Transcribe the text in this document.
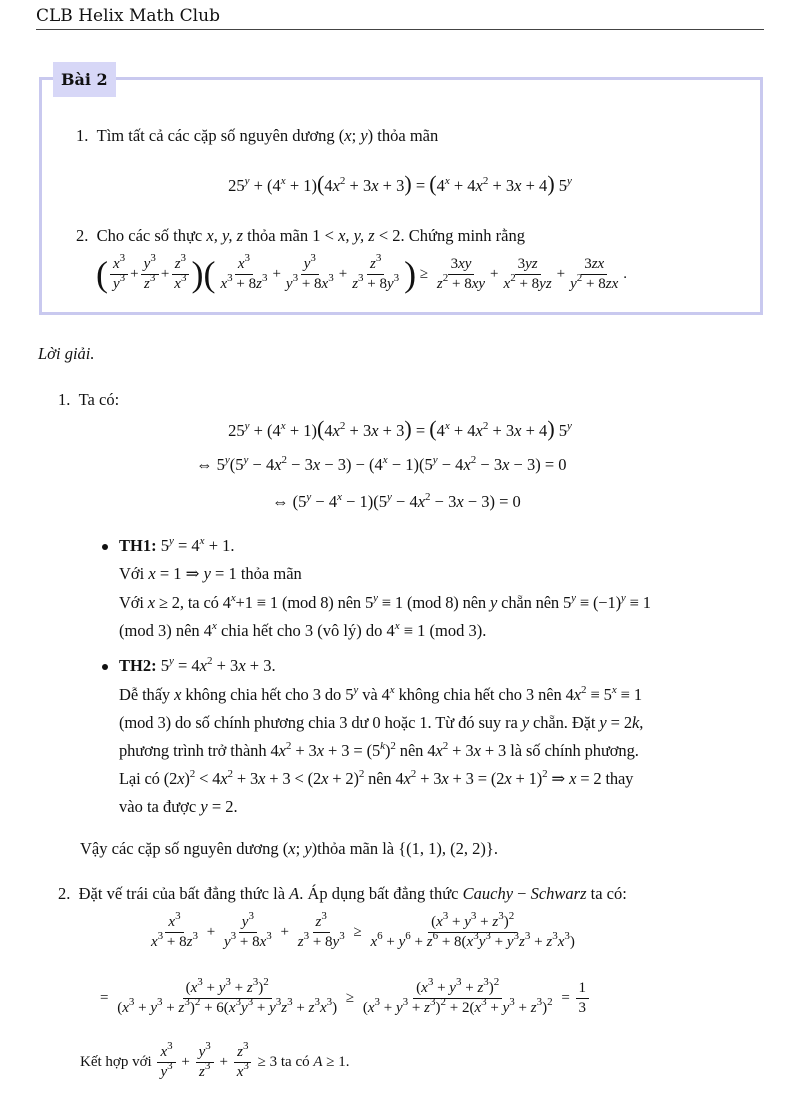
CLB Helix Math Club
Bài 2
1. Tìm tất cả các cặp số nguyên dương (x; y) thỏa mãn
$25^y + (4^x + 1)(4x^2 + 3x + 3) = (4^x + 4x^2 + 3x + 4)$ 5$^y$
2. Cho các số thực x, y, z thỏa mãn 1 < x, y, z < 2. Chứng minh rằng
( $\frac{x^3}{y^3} + \frac{y^3}{z^3} + \frac{z^3}{x^3}$ )( $\frac{x^3}{x^3 + 8z^3} + \frac{y^3}{y^3 + 8x^3} + \frac{z^3}{z^3 + 8y^3}$ ) ≥ $\frac{3xy}{z^2 + 8xy} + \frac{3yz}{x^2 + 8yz} + \frac{3zx}{y^2 + 8zx}$ .
Lời giải.
1. Ta có:
$25^y + (4^x + 1)(4x^2 + 3x + 3) = (4^x + 4x^2 + 3x + 4)$ 5$^y$
⇔ $5^y(5^y - 4x^2 - 3x - 3) - (4^x - 1)(5^y - 4x^2 - 3x - 3) = 0$
⇔ $(5^y - 4^x - 1)(5^y - 4x^2 - 3x - 3) = 0$
TH1: $5^y = 4^x + 1$.
Với x = 1 ⇒ y = 1 thỏa mãn
Với x ≥ 2, ta có $4^x+1 \equiv 1$ (mod 8) nên $5^y \equiv 1$ (mod 8) nên y chẵn nên $5^y \equiv (-1)^y \equiv 1$
(mod 3) nên 4$^x$ chia hết cho 3 (vô lý) do $4^x \equiv 1$ (mod 3).
TH2: $5^y = 4x^2 + 3x + 3$.
Dễ thấy x không chia hết cho 3 do 5$^y$ và 4$^x$ không chia hết cho 3 nên $4x^2 \equiv 5^x \equiv 1$
(mod 3) do số chính phương chia 3 dư 0 hoặc 1. Từ đó suy ra y chẵn. Đặt y = 2k,
phương trình trở thành $4x^2 + 3x + 3 = (5^k)^2$ nên $4x^2 + 3x + 3$ là số chính phương.
Lại có $(2x)^2 < 4x^2 + 3x + 3 < (2x + 2)^2$ nên $4x^2 + 3x + 3 = (2x + 1)^2$ ⇒ x = 2 thay
vào ta được y = 2.
Vậy các cặp số nguyên dương (x; y)thỏa mãn là {(1, 1), (2, 2)}.
2. Đặt vế trái của bất đẳng thức là A. Áp dụng bất đẳng thức Cauchy − Schwarz ta có:
$\frac{x^3}{x^3 + 8z^3} + \frac{y^3}{y^3 + 8x^3} + \frac{z^3}{z^3 + 8y^3} \ge \frac{(x^3 + y^3 + z^3)^2}{x^6 + y^6 + z^6 + 8(x^3y^3 + y^3z^3 + z^3x^3)}$
= $\frac{(x^3 + y^3 + z^3)^2}{(x^3 + y^3 + z^3)^2 + 6(x^3y^3 + y^3z^3 + z^3x^3)} \ge \frac{(x^3 + y^3 + z^3)^2}{(x^3 + y^3 + z^3)^2 + 2(x^3 + y^3 + z^3)^2} = \frac{1}{3}$
Kết hợp với $\frac{x^3}{y^3} + \frac{y^3}{z^3} + \frac{z^3}{x^3} \ge 3$ ta có A ≥ 1.
